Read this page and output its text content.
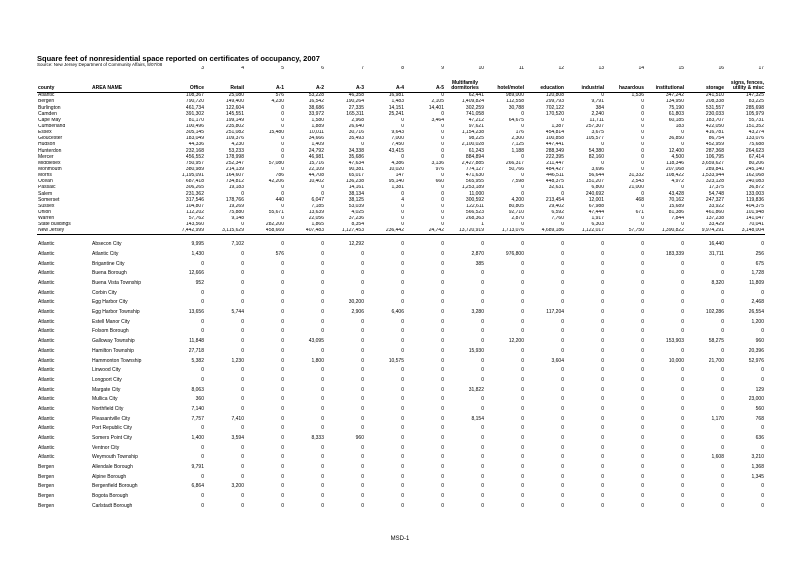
Square feet of nonresidential space reported on certificates of occupancy, 2007
Source: New Jersey Department of Community Affairs, 8/07/08
		3	4	5	6	7	8	9	10	11	12	13	14	15	16	17
county	AREA NAME	Office	Retail	A-1	A-2	A-3	A-4	A-5	Multifamily dormitories	hotel/motel	education	industrial	hazardous	institutional	storage	signs, fences, utility & misc
Atlantic		108,367	25,080	576	53,228	46,358	16,981	0	62,441	989,000	120,808	0	1,536	347,242	241,510	147,325
Bergen		790,720	149,400	4,230	16,542	190,264	1,483	2,105	1,409,824	112,558	299,793	9,791	0	134,950	208,338	83,225
Burlington		461,734	122,604	0	38,686	27,335	14,151	14,401	302,259	30,788	702,122	384	0	75,190	531,557	285,698
Camden		391,302	145,551	0	33,972	165,311	25,241	0	741,058	0	170,520	2,240	0	61,803	230,033	105,979
Cape May		81,170	199,149	0	1,580	2,968	0	3,464	47,212	64,675	0	11,711	0	60,185	183,707	55,731
Cumberland		100,496	235,802	0	1,889	26,640	0	0	97,621	0	1,387	257,307	0	183	422,050	151,352
Essex		305,145	251,082	15,480	10,011	30,716	9,643	0	1,154,238	176	454,814	3,675	0	0	416,781	43,274
Gloucester		183,049	109,376	0	34,666	35,493	7,000	0	98,225	2,300	100,858	105,577	0	36,850	86,754	133,076
Hudson		44,336	4,230	0	1,409	0	7,450	0	2,100,028	7,125	447,441	0	0	0	452,959	75,688
Hunterdon		232,168	53,233	0	24,792	34,338	43,415	0	61,243	1,188	288,349	54,380	0	12,400	287,368	264,623
Mercer		456,552	178,998	0	46,981	35,686	0	0	884,894	0	222,395	82,160	0	4,500	106,795	67,414
Middlesex		750,957	252,347	57,080	15,716	47,634	4,386	3,136	2,427,885	266,317	211,447	0	0	118,346	3,659,627	80,206
Monmouth		380,989	214,139	0	22,109	90,381	10,020	976	774,127	50,766	484,427	3,696	0	207,068	289,841	245,140
Morris		1,195,091	164,607	786	44,708	65,017	147	0	471,630	0	446,511	56,644	31,332	108,422	1,533,944	162,068
Ocean		687,418	734,812	42,206	10,402	136,238	95,140	660	565,955	7,598	448,375	151,207	2,543	4,972	323,128	240,083
Passaic		306,265	19,183	0	0	14,161	1,381	0	1,253,189	0	32,631	6,800	21,000	0	17,375	36,872
Salem		231,362	0	0	0	38,134	0	0	11,000	0	0	240,692	0	43,428	54,748	133,003
Somerset		317,546	178,766	440	6,047	38,125	4	0	300,592	4,200	213,454	12,001	468	70,162	247,327	119,836
Sussex		104,807	19,269	0	7,185	53,039	0	0	122,611	80,805	29,402	67,988	0	15,689	33,922	404,375
Union		112,202	75,880	55,671	13,639	4,025	0	0	566,523	92,710	6,592	47,444	671	81,386	461,860	101,948
Warren		57,762	9,148	0	22,056	37,236	0	0	268,363	2,870	7,760	1,917	0	7,844	137,238	141,047
State buildings		143,560	0	282,200	1,865	8,354	0	0	1	0	0	6,303	0	0	33,429	70,041
New Jersey		7,442,999	3,115,629	458,669	407,483	1,127,453	236,442	24,742	13,720,919	1,713,076	4,689,186	1,122,017	57,750	1,390,822	9,974,291	3,148,004

Atlantic	Absecon City	9,995	7,102	0	0	12,292	0	0	0	0	0	0	0	0	16,440	0
Atlantic	Atlantic City	1,430	0	576	0	0	0	0	2,870	976,800	0	0	0	183,339	31,711	256
Atlantic	Brigantine City	0	0	0	0	0	0	0	385	0	0	0	0	0	0	675
Atlantic	Buena Borough	12,666	0	0	0	0	0	0	0	0	0	0	0	0	0	1,728
Atlantic	Buena Vista Township	952	0	0	0	0	0	0	0	0	0	0	0	0	8,320	11,809
Atlantic	Corbin City	0	0	0	0	0	0	0	0	0	0	0	0	0	0	0
Atlantic	Egg Harbor City	0	0	0	0	30,200	0	0	0	0	0	0	0	0	0	2,468
Atlantic	Egg Harbor Township	13,656	5,744	0	0	2,906	6,406	0	3,280	0	117,204	0	0	0	102,286	26,554
Atlantic	Estell Manor City	0	0	0	0	0	0	0	0	0	0	0	0	0	0	1,200
Atlantic	Folsom Borough	0	0	0	0	0	0	0	0	0	0	0	0	0	0	0
Atlantic	Galloway Township	11,848	0	0	43,095	0	0	0	0	12,200	0	0	0	153,903	58,275	960
Atlantic	Hamilton Township	27,718	0	0	0	0	0	0	15,930	0	0	0	0	0	0	20,396
Atlantic	Hammonton Township	5,382	1,230	0	1,800	0	10,575	0	0	0	3,604	0	0	10,000	21,700	52,976
Atlantic	Linwood City	0	0	0	0	0	0	0	0	0	0	0	0	0	0	0
Atlantic	Longport City	0	0	0	0	0	0	0	0	0	0	0	0	0	0	0
Atlantic	Margate City	8,063	0	0	0	0	0	0	31,822	0	0	0	0	0	0	129
Atlantic	Mullica City	360	0	0	0	0	0	0	0	0	0	0	0	0	0	23,000
Atlantic	Northfield City	7,140	0	0	0	0	0	0	0	0	0	0	0	0	0	560
Atlantic	Pleasantville City	7,757	7,410	0	0	0	0	0	8,154	0	0	0	0	0	1,170	768
Atlantic	Port Republic City	0	0	0	0	0	0	0	0	0	0	0	0	0	0	0
Atlantic	Somers Point City	1,400	3,594	0	8,333	960	0	0	0	0	0	0	0	0	0	636
Atlantic	Ventnor City	0	0	0	0	0	0	0	0	0	0	0	0	0	0	0
Atlantic	Weymouth Township	0	0	0	0	0	0	0	0	0	0	0	0	0	1,608	3,210
Bergen	Allendale Borough	9,791	0	0	0	0	0	0	0	0	0	0	0	0	0	1,368
Bergen	Alpine Borough	0	0	0	0	0	0	0	0	0	0	0	0	0	0	1,345
Bergen	Bergenfield Borough	6,864	3,200	0	0	0	0	0	0	0	0	0	0	0	0	0
Bergen	Bogota Borough	0	0	0	0	0	0	0	0	0	0	0	0	0	0	0
Bergen	Carlstadt Borough	0	0	0	0	0	0	0	0	0	0	0	0	0	0	0
MSD-1
